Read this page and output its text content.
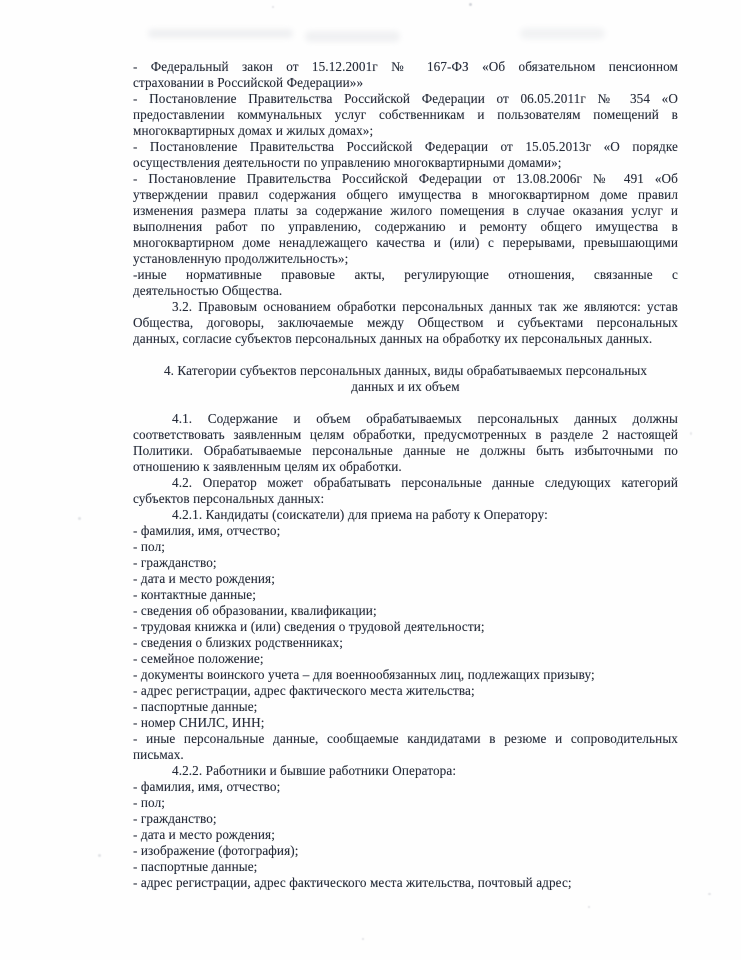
- Федеральный закон от 15.12.2001г № 167-ФЗ «Об обязательном пенсионном
страховании в Российской Федерации»»
- Постановление Правительства Российской Федерации от 06.05.2011г № 354 «О
предоставлении коммунальных услуг собственникам и пользователям помещений в
многоквартирных домах и жилых домах»;
- Постановление Правительства Российской Федерации от 15.05.2013г «О порядке
осуществления деятельности по управлению многоквартирными домами»;
- Постановление Правительства Российской Федерации от 13.08.2006г № 491 «Об
утверждении правил содержания общего имущества в многоквартирном доме правил
изменения размера платы за содержание жилого помещения в случае оказания услуг и
выполнения работ по управлению, содержанию и ремонту общего имущества в
многоквартирном доме ненадлежащего качества и (или) с перерывами, превышающими
установленную продолжительность»;
-иные нормативные правовые акты, регулирующие отношения, связанные с
деятельностью Общества.
3.2. Правовым основанием обработки персональных данных так же являются: устав
Общества, договоры, заключаемые между Обществом и субъектами персональных
данных, согласие субъектов персональных данных на обработку их персональных данных.
4. Категории субъектов персональных данных, виды обрабатываемых персональных
данных и их объем
4.1. Содержание и объем обрабатываемых персональных данных должны
соответствовать заявленным целям обработки, предусмотренных в разделе 2 настоящей
Политики. Обрабатываемые персональные данные не должны быть избыточными по
отношению к заявленным целям их обработки.
4.2. Оператор может обрабатывать персональные данные следующих категорий
субъектов персональных данных:
4.2.1. Кандидаты (соискатели) для приема на работу к Оператору:
- фамилия, имя, отчество;
- пол;
- гражданство;
- дата и место рождения;
- контактные данные;
- сведения об образовании, квалификации;
- трудовая книжка и (или) сведения о трудовой деятельности;
- сведения о близких родственниках;
- семейное положение;
- документы воинского учета – для военнообязанных лиц, подлежащих призыву;
- адрес регистрации, адрес фактического места жительства;
- паспортные данные;
- номер СНИЛС, ИНН;
- иные персональные данные, сообщаемые кандидатами в резюме и сопроводительных
письмах.
4.2.2. Работники и бывшие работники Оператора:
- фамилия, имя, отчество;
- пол;
- гражданство;
- дата и место рождения;
- изображение (фотография);
- паспортные данные;
- адрес регистрации, адрес фактического места жительства, почтовый адрес;
